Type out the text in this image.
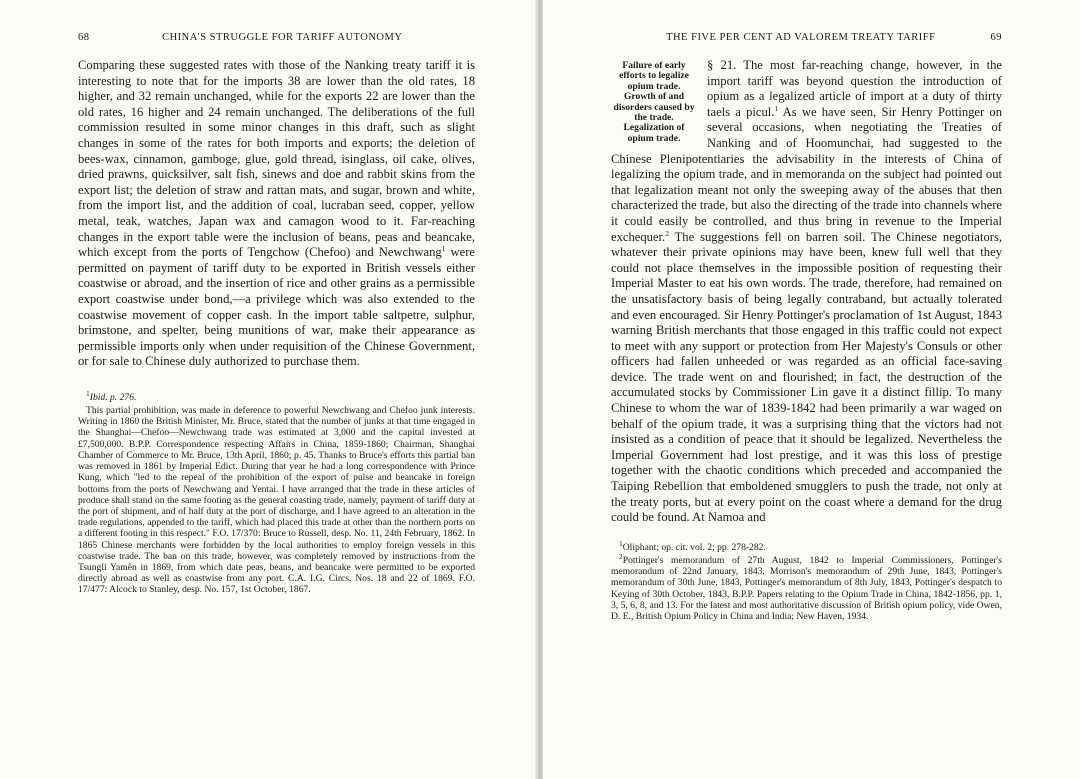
68	CHINA'S STRUGGLE FOR TARIFF AUTONOMY

Comparing these suggested rates with those of the Nanking treaty tariff it is interesting to note that for the imports 38 are lower than the old rates, 18 higher, and 32 remain unchanged, while for the exports 22 are lower than the old rates, 16 higher and 24 remain unchanged. The deliberations of the full commission resulted in some minor changes in this draft, such as slight changes in some of the rates for both imports and exports; the deletion of bees-wax, cinnamon, gamboge, glue, gold thread, isinglass, oil cake, olives, dried prawns, quicksilver, salt fish, sinews and doe and rabbit skins from the export list; the deletion of straw and rattan mats, and sugar, brown and white, from the import list, and the addition of coal, lucraban seed, copper, yellow metal, teak, watches, Japan wax and camagon wood to it. Far-reaching changes in the export table were the inclusion of beans, peas and beancake, which except from the ports of Tengchow (Chefoo) and Newchwang$^1$ were permitted on payment of tariff duty to be exported in British vessels either coastwise or abroad, and the insertion of rice and other grains as a permissible export coastwise under bond,—a privilege which was also extended to the coastwise movement of copper cash. In the import table saltpetre, sulphur, brimstone, and spelter, being munitions of war, make their appearance as permissible imports only when under requisition of the Chinese Government, or for sale to Chinese duly authorized to purchase them.

$^1$Ibid. p. 276.

This partial prohibition, was made in deference to powerful Newchwang and Chefoo junk interests. Writing in 1860 the British Minister, Mr. Bruce, stated that the number of junks at that time engaged in the Shanghai—Chefoo—Newchwang trade was estimated at 3,000 and the capital invested at £7,500,000. B.P.P. Correspondence respecting Affairs in China, 1859-1860; Chairman, Shanghai Chamber of Commerce to Mr. Bruce, 13th April, 1860; p. 45. Thanks to Bruce's efforts this partial ban was removed in 1861 by Imperial Edict. During that year he had a long correspondence with Prince Kung, which "led to the repeal of the prohibition of the export of pulse and beancake in foreign bottoms from the ports of Newchwang and Yentai. I have arranged that the trade in these articles of produce shall stand on the same footing as the general coasting trade, namely, payment of tariff duty at the port of shipment, and of half duty at the port of discharge, and I have agreed to an alteration in the trade regulations, appended to the tariff, which had placed this trade at other than the northern ports on a different footing in this respect." F.O. 17/370: Bruce to Russell, desp. No. 11, 24th February, 1862. In 1865 Chinese merchants were forbidden by the local authorities to employ foreign vessels in this coastwise trade. The ban on this trade, however, was completely removed by instructions from the Tsungli Yamên in 1869, from which date peas, beans, and beancake were permitted to be exported directly abroad as well as coastwise from any port. C.A. I.G. Circs. Nos. 18 and 22 of 1869. F.O. 17/477: Alcock to Stanley, desp. No. 157, 1st October, 1867.

THE FIVE PER CENT AD VALOREM TREATY TARIFF	69

Failure of early efforts to legalize opium trade. Growth of and disorders caused by the trade. Legalization of opium trade.
§ 21. The most far-reaching change, however, in the import tariff was beyond question the introduction of opium as a legalized article of import at a duty of thirty taels a picul.$^1$ As we have seen, Sir Henry Pottinger on several occasions, when negotiating the Treaties of Nanking and of Hoomunchai, had suggested to the Chinese Plenipotentiaries the advisability in the interests of China of legalizing the opium trade, and in memoranda on the subject had pointed out that legalization meant not only the sweeping away of the abuses that then characterized the trade, but also the directing of the trade into channels where it could easily be controlled, and thus bring in revenue to the Imperial exchequer.$^2$ The suggestions fell on barren soil. The Chinese negotiators, whatever their private opinions may have been, knew full well that they could not place themselves in the impossible position of requesting their Imperial Master to eat his own words. The trade, therefore, had remained on the unsatisfactory basis of being legally contraband, but actually tolerated and even encouraged. Sir Henry Pottinger's proclamation of 1st August, 1843 warning British merchants that those engaged in this traffic could not expect to meet with any support or protection from Her Majesty's Consuls or other officers had fallen unheeded or was regarded as an official face-saving device. The trade went on and flourished; in fact, the destruction of the accumulated stocks by Commissioner Lin gave it a distinct fillip. To many Chinese to whom the war of 1839-1842 had been primarily a war waged on behalf of the opium trade, it was a surprising thing that the victors had not insisted as a condition of peace that it should be legalized. Nevertheless the Imperial Government had lost prestige, and it was this loss of prestige together with the chaotic conditions which preceded and accompanied the Taiping Rebellion that emboldened smugglers to push the trade, not only at the treaty ports, but at every point on the coast where a demand for the drug could be found. At Namoa and

$^1$Oliphant; op. cit. vol. 2; pp. 278-282.

$^2$Pottinger's memorandum of 27th August, 1842 to Imperial Commissioners, Pottinger's memorandum of 22nd January, 1843, Morrison's memorandum of 29th June, 1843, Pottinger's memorandum of 30th June, 1843, Pottinger's memorandum of 8th July, 1843, Pottinger's despatch to Keying of 30th October, 1843, B.P.P. Papers relating to the Opium Trade in China, 1842-1856, pp. 1, 3, 5, 6, 8, and 13. For the latest and most authoritative discussion of British opium policy, vide Owen, D. E., British Opium Policy in China and India; New Haven, 1934.
